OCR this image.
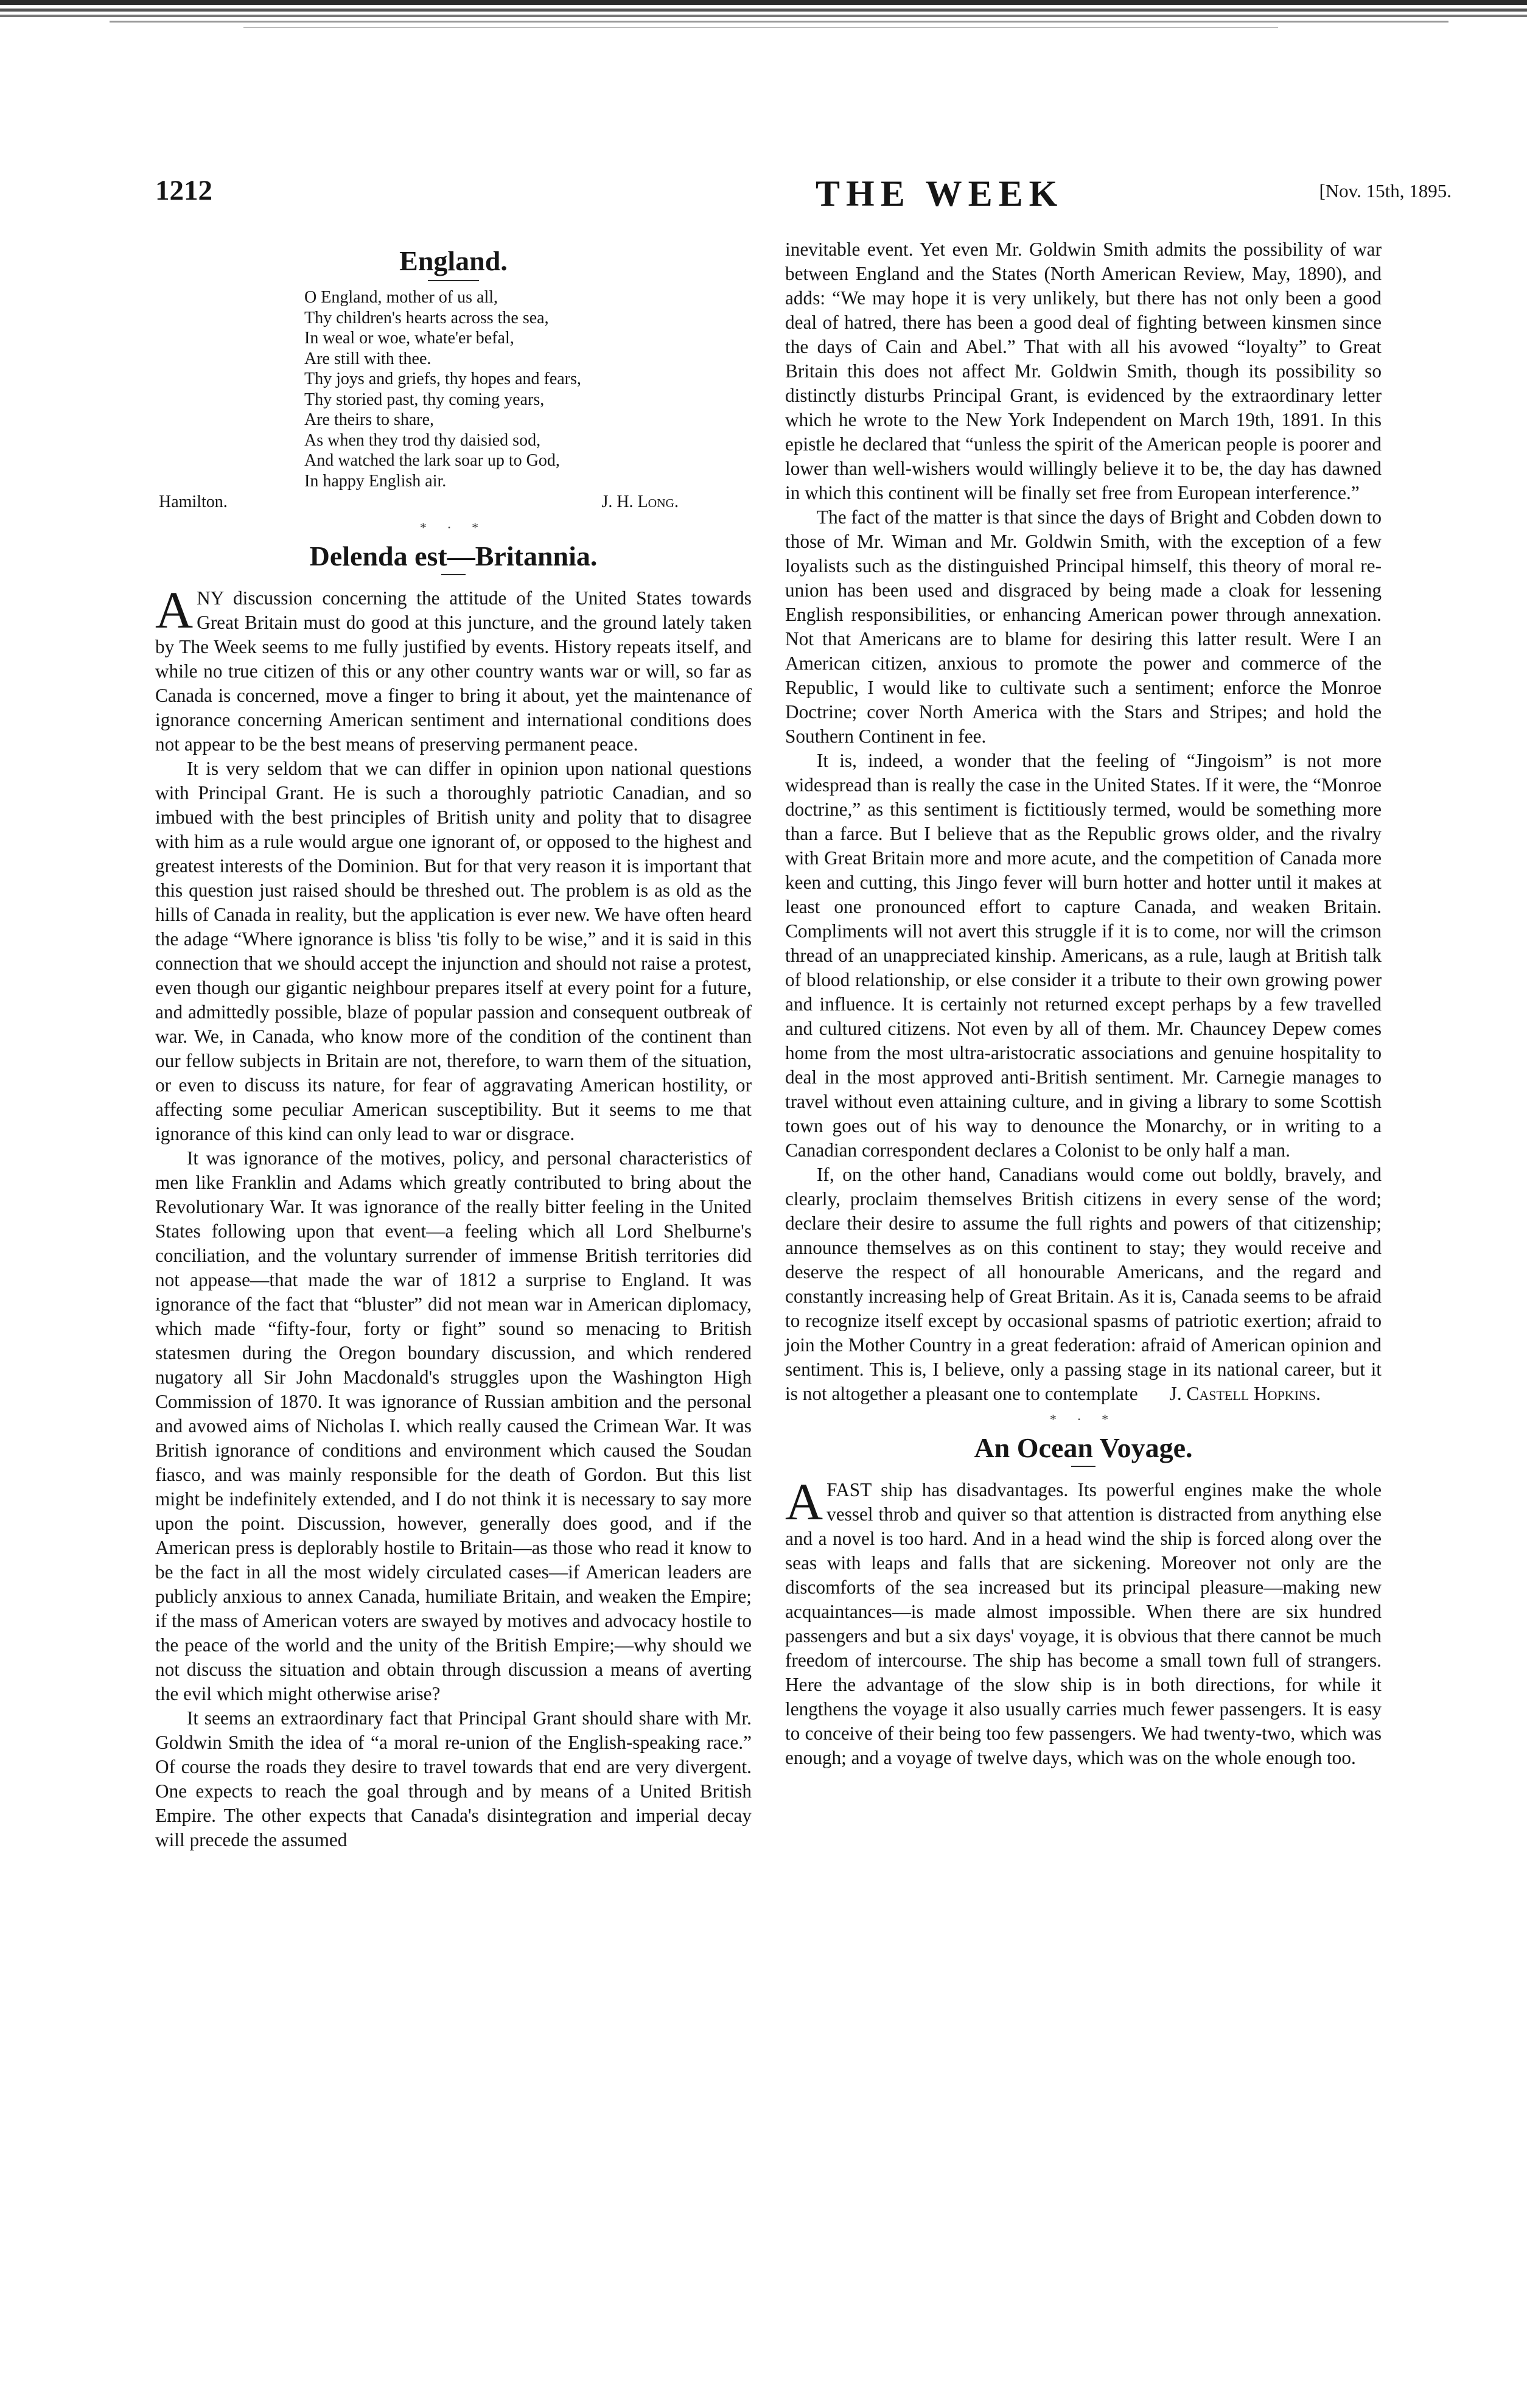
1212	THE WEEK	[Nov. 15th, 1895.
England.
O England, mother of us all,
Thy children's hearts across the sea,
In weal or woe, whate'er befal,
Are still with thee.
Thy joys and griefs, thy hopes and fears,
Thy storied past, thy coming years,
Are theirs to share,
As when they trod thy daisied sod,
And watched the lark soar up to God,
In happy English air.
Hamilton.	J. H. Long.
* · *
Delenda est—Britannia.

ANY discussion concerning the attitude of the United States towards Great Britain must do good at this juncture, and the ground lately taken by The Week seems to me fully justified by events. History repeats itself, and while no true citizen of this or any other country wants war or will, so far as Canada is concerned, move a finger to bring it about, yet the maintenance of ignorance concerning American sentiment and international conditions does not appear to be the best means of preserving permanent peace.

It is very seldom that we can differ in opinion upon national questions with Principal Grant. He is such a thoroughly patriotic Canadian, and so imbued with the best principles of British unity and polity that to disagree with him as a rule would argue one ignorant of, or opposed to the highest and greatest interests of the Dominion. But for that very reason it is important that this question just raised should be threshed out. The problem is as old as the hills of Canada in reality, but the application is ever new. We have often heard the adage “Where ignorance is bliss 'tis folly to be wise,” and it is said in this connection that we should accept the injunction and should not raise a protest, even though our gigantic neighbour prepares itself at every point for a future, and admittedly possible, blaze of popular passion and consequent outbreak of war. We, in Canada, who know more of the condition of the continent than our fellow subjects in Britain are not, therefore, to warn them of the situation, or even to discuss its nature, for fear of aggravating American hostility, or affecting some peculiar American susceptibility. But it seems to me that ignorance of this kind can only lead to war or disgrace.

It was ignorance of the motives, policy, and personal characteristics of men like Franklin and Adams which greatly contributed to bring about the Revolutionary War. It was ignorance of the really bitter feeling in the United States following upon that event—a feeling which all Lord Shelburne's conciliation, and the voluntary surrender of immense British territories did not appease—that made the war of 1812 a surprise to England. It was ignorance of the fact that “bluster” did not mean war in American diplomacy, which made “fifty-four, forty or fight” sound so menacing to British statesmen during the Oregon boundary discussion, and which rendered nugatory all Sir John Macdonald's struggles upon the Washington High Commission of 1870. It was ignorance of Russian ambition and the personal and avowed aims of Nicholas I. which really caused the Crimean War. It was British ignorance of conditions and environment which caused the Soudan fiasco, and was mainly responsible for the death of Gordon. But this list might be indefinitely extended, and I do not think it is necessary to say more upon the point. Discussion, however, generally does good, and if the American press is deplorably hostile to Britain—as those who read it know to be the fact in all the most widely circulated cases—if American leaders are publicly anxious to annex Canada, humiliate Britain, and weaken the Empire; if the mass of American voters are swayed by motives and advocacy hostile to the peace of the world and the unity of the British Empire;—why should we not discuss the situation and obtain through discussion a means of averting the evil which might otherwise arise?

It seems an extraordinary fact that Principal Grant should share with Mr. Goldwin Smith the idea of “a moral re-union of the English-speaking race.” Of course the roads they desire to travel towards that end are very divergent. One expects to reach the goal through and by means of a United British Empire. The other expects that Canada's disintegration and imperial decay will precede the assumed

inevitable event. Yet even Mr. Goldwin Smith admits the possibility of war between England and the States (North American Review, May, 1890), and adds: “We may hope it is very unlikely, but there has not only been a good deal of hatred, there has been a good deal of fighting between kinsmen since the days of Cain and Abel.” That with all his avowed “loyalty” to Great Britain this does not affect Mr. Goldwin Smith, though its possibility so distinctly disturbs Principal Grant, is evidenced by the extraordinary letter which he wrote to the New York Independent on March 19th, 1891. In this epistle he declared that “unless the spirit of the American people is poorer and lower than well-wishers would willingly believe it to be, the day has dawned in which this continent will be finally set free from European interference.”

The fact of the matter is that since the days of Bright and Cobden down to those of Mr. Wiman and Mr. Goldwin Smith, with the exception of a few loyalists such as the distinguished Principal himself, this theory of moral re-union has been used and disgraced by being made a cloak for lessening English responsibilities, or enhancing American power through annexation. Not that Americans are to blame for desiring this latter result. Were I an American citizen, anxious to promote the power and commerce of the Republic, I would like to cultivate such a sentiment; enforce the Monroe Doctrine; cover North America with the Stars and Stripes; and hold the Southern Continent in fee.

It is, indeed, a wonder that the feeling of “Jingoism” is not more widespread than is really the case in the United States. If it were, the “Monroe doctrine,” as this sentiment is fictitiously termed, would be something more than a farce. But I believe that as the Republic grows older, and the rivalry with Great Britain more and more acute, and the competition of Canada more keen and cutting, this Jingo fever will burn hotter and hotter until it makes at least one pronounced effort to capture Canada, and weaken Britain. Compliments will not avert this struggle if it is to come, nor will the crimson thread of an unappreciated kinship. Americans, as a rule, laugh at British talk of blood relationship, or else consider it a tribute to their own growing power and influence. It is certainly not returned except perhaps by a few travelled and cultured citizens. Not even by all of them. Mr. Chauncey Depew comes home from the most ultra-aristocratic associations and genuine hospitality to deal in the most approved anti-British sentiment. Mr. Carnegie manages to travel without even attaining culture, and in giving a library to some Scottish town goes out of his way to denounce the Monarchy, or in writing to a Canadian correspondent declares a Colonist to be only half a man.

If, on the other hand, Canadians would come out boldly, bravely, and clearly, proclaim themselves British citizens in every sense of the word; declare their desire to assume the full rights and powers of that citizenship; announce themselves as on this continent to stay; they would receive and deserve the respect of all honourable Americans, and the regard and constantly increasing help of Great Britain. As it is, Canada seems to be afraid to recognize itself except by occasional spasms of patriotic exertion; afraid to join the Mother Country in a great federation: afraid of American opinion and sentiment. This is, I believe, only a passing stage in its national career, but it is not altogether a pleasant one to contemplate J. Castell Hopkins.

* · *
An Ocean Voyage.

AFAST ship has disadvantages. Its powerful engines make the whole vessel throb and quiver so that attention is distracted from anything else and a novel is too hard. And in a head wind the ship is forced along over the seas with leaps and falls that are sickening. Moreover not only are the discomforts of the sea increased but its principal pleasure—making new acquaintances—is made almost impossible. When there are six hundred passengers and but a six days' voyage, it is obvious that there cannot be much freedom of intercourse. The ship has become a small town full of strangers. Here the advantage of the slow ship is in both directions, for while it lengthens the voyage it also usually carries much fewer passengers. It is easy to conceive of their being too few passengers. We had twenty-two, which was enough; and a voyage of twelve days, which was on the whole enough too.
